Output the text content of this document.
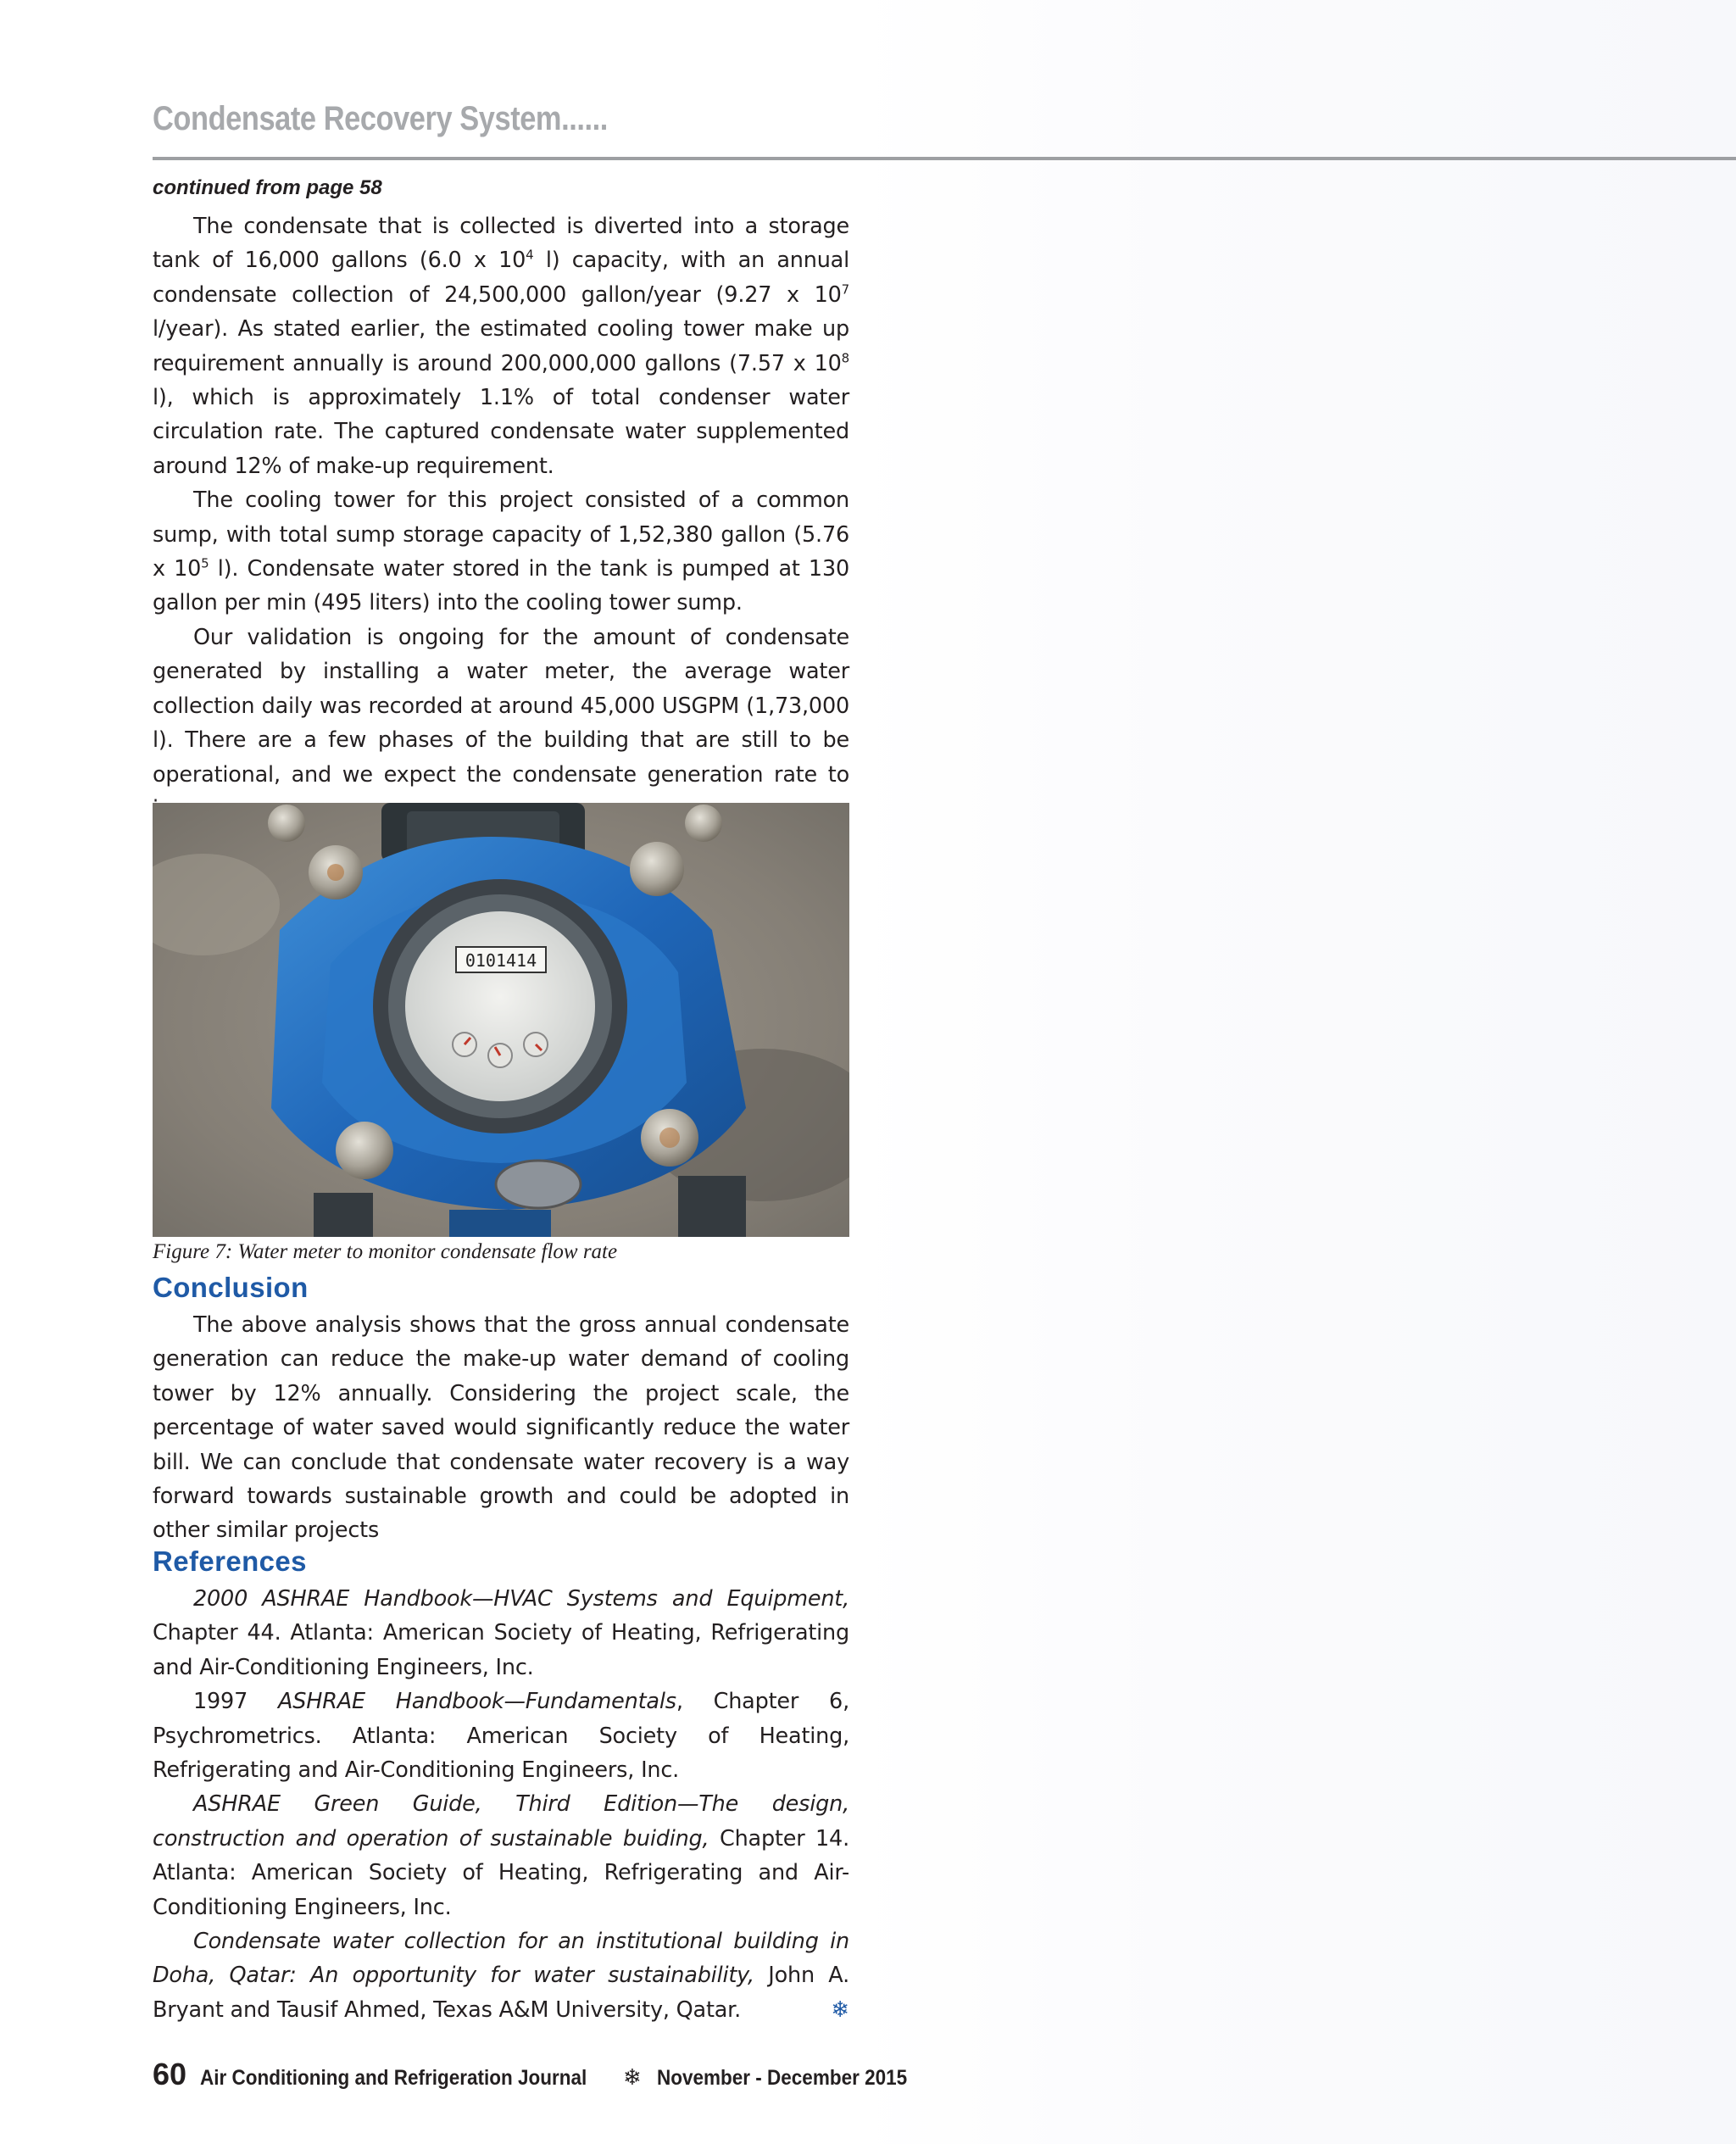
Condensate Recovery System......
continued from page 58

The condensate that is collected is diverted into a storage tank of 16,000 gallons (6.0 x $10^4$ l) capacity, with an annual condensate collection of 24,500,000 gallon/year (9.27 x $10^7$ l/year). As stated earlier, the estimated cooling tower make up requirement annually is around 200,000,000 gallons (7.57 x $10^8$ l), which is approximately 1.1% of total condenser water circulation rate. The captured condensate water supplemented around 12% of make-up requirement.

The cooling tower for this project consisted of a common sump, with total sump storage capacity of 1,52,380 gallon (5.76 x $10^5$ l). Condensate water stored in the tank is pumped at 130 gallon per min (495 liters) into the cooling tower sump.

Our validation is ongoing for the amount of condensate generated by installing a water meter, the average water collection daily was recorded at around 45,000 USGPM (1,73,000 l). There are a few phases of the building that are still to be operational, and we expect the condensate generation rate to

0101414
Figure 7: Water meter to monitor condensate flow rate
Conclusion

The above analysis shows that the gross annual condensate generation can reduce the make-up water demand of cooling tower by 12% annually. Considering the project scale, the percentage of water saved would significantly reduce the water bill. We can conclude that condensate water recovery is a way forward towards sustainable growth and could be adopted in other similar projects

References

2000 ASHRAE Handbook—HVAC Systems and Equipment, Chapter 44. Atlanta: American Society of Heating, Refrigerating and Air-Conditioning Engineers, Inc.

1997 ASHRAE Handbook—Fundamentals, Chapter 6, Psychrometrics. Atlanta: American Society of Heating, Refrigerating and Air-Conditioning Engineers, Inc.

ASHRAE Green Guide, Third Edition—The design, construction and operation of sustainable buiding, Chapter 14. Atlanta: American Society of Heating, Refrigerating and Air-Conditioning Engineers, Inc.

Condensate water collection for an institutional building in Doha, Qatar: An opportunity for water sustainability, John A. Bryant and Tausif Ahmed, Texas A&M University, Qatar.	❄

60 Air Conditioning and Refrigeration Journal ❄ November - December 2015
